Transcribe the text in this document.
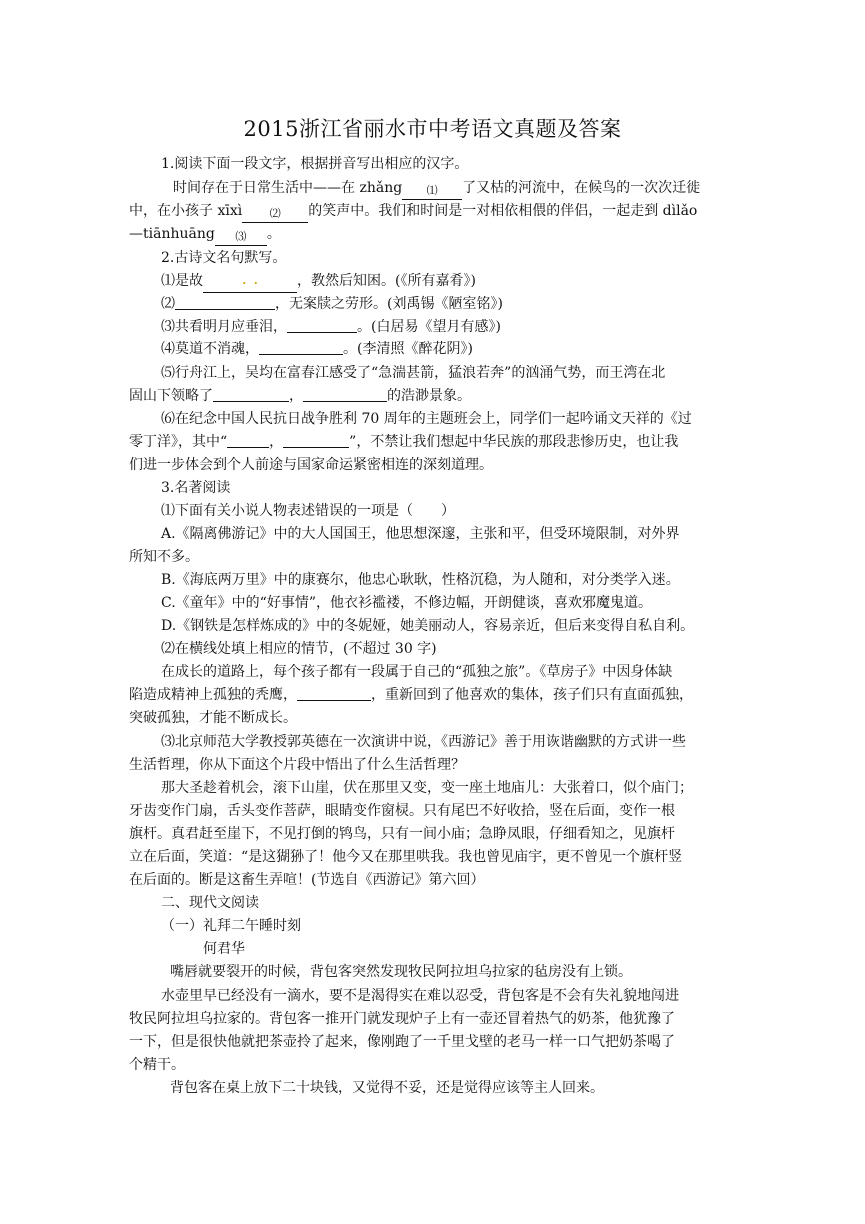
2015浙江省丽水市中考语文真题及答案
1.阅读下面一段文字，根据拼音写出相应的汉字。
时间存在于日常生活中——在 zhǎng ⑴ 了又枯的河流中，在候鸟的一次次迁徙
中，在小孩子 xīxì	⑵ 的笑声中。我们和时间是一对相依相偎的伴侣，一起走到 dìlǎo
—tiānhuāng ⑶ 。
2.古诗文名句默写。
⑴是故	·  ·	，教然后知困。(《所有嘉肴》)
⑵	，无案牍之劳形。(刘禹锡《陋室铭》)
⑶共看明月应垂泪，	。(白居易《望月有感》)
⑷莫道不消魂，	。(李清照《醉花阴》)
⑸行舟江上，吴均在富春江感受了“急湍甚箭，猛浪若奔”的汹涌气势，而王湾在北
固山下领略了	，	的浩渺景象。
⑹在纪念中国人民抗日战争胜利 70 周年的主题班会上，同学们一起吟诵文天祥的《过
零丁洋》，其中“	，	”，不禁让我们想起中华民族的那段悲惨历史，也让我
们进一步体会到个人前途与国家命运紧密相连的深刻道理。
3.名著阅读
⑴下面有关小说人物表述错误的一项是（　　）
A.《隔离佛游记》中的大人国国王，他思想深邃，主张和平，但受环境限制，对外界
所知不多。
B.《海底两万里》中的康赛尔，他忠心耿耿，性格沉稳，为人随和，对分类学入迷。
C.《童年》中的“好事情”，他衣衫褴褛，不修边幅，开朗健谈，喜欢邪魔鬼道。
D.《钢铁是怎样炼成的》中的冬妮娅，她美丽动人，容易亲近，但后来变得自私自利。
⑵在横线处填上相应的情节，(不超过 30 字)
在成长的道路上，每个孩子都有一段属于自己的“孤独之旅”。《草房子》中因身体缺
陷造成精神上孤独的秃鹰，	，重新回到了他喜欢的集体，孩子们只有直面孤独，
突破孤独，才能不断成长。
⑶北京师范大学教授郭英德在一次演讲中说，《西游记》善于用诙谐幽默的方式讲一些
生活哲理，你从下面这个片段中悟出了什么生活哲理？
那大圣趁着机会，滚下山崖，伏在那里又变，变一座土地庙儿：大张着口，似个庙门；
牙齿变作门扇，舌头变作菩萨，眼睛变作窗棂。只有尾巴不好收拾，竖在后面，变作一根
旗杆。真君赶至崖下，不见打倒的鸨鸟，只有一间小庙；急睁凤眼，仔细看知之，见旗杆
立在后面，笑道：“是这猢狲了！他今又在那里哄我。我也曾见庙宇，更不曾见一个旗杆竖
在后面的。断是这畜生弄喧！(节选自《西游记》第六回）
二、现代文阅读
（一）礼拜二午睡时刻
何君华
嘴唇就要裂开的时候，背包客突然发现牧民阿拉坦乌拉家的毡房没有上锁。
水壶里早已经没有一滴水，要不是渴得实在难以忍受，背包客是不会有失礼貌地闯进
牧民阿拉坦乌拉家的。背包客一推开门就发现炉子上有一壶还冒着热气的奶茶，他犹豫了
一下，但是很快他就把茶壶拎了起来，像刚跑了一千里戈壁的老马一样一口气把奶茶喝了
个精干。
背包客在桌上放下二十块钱，又觉得不妥，还是觉得应该等主人回来。
